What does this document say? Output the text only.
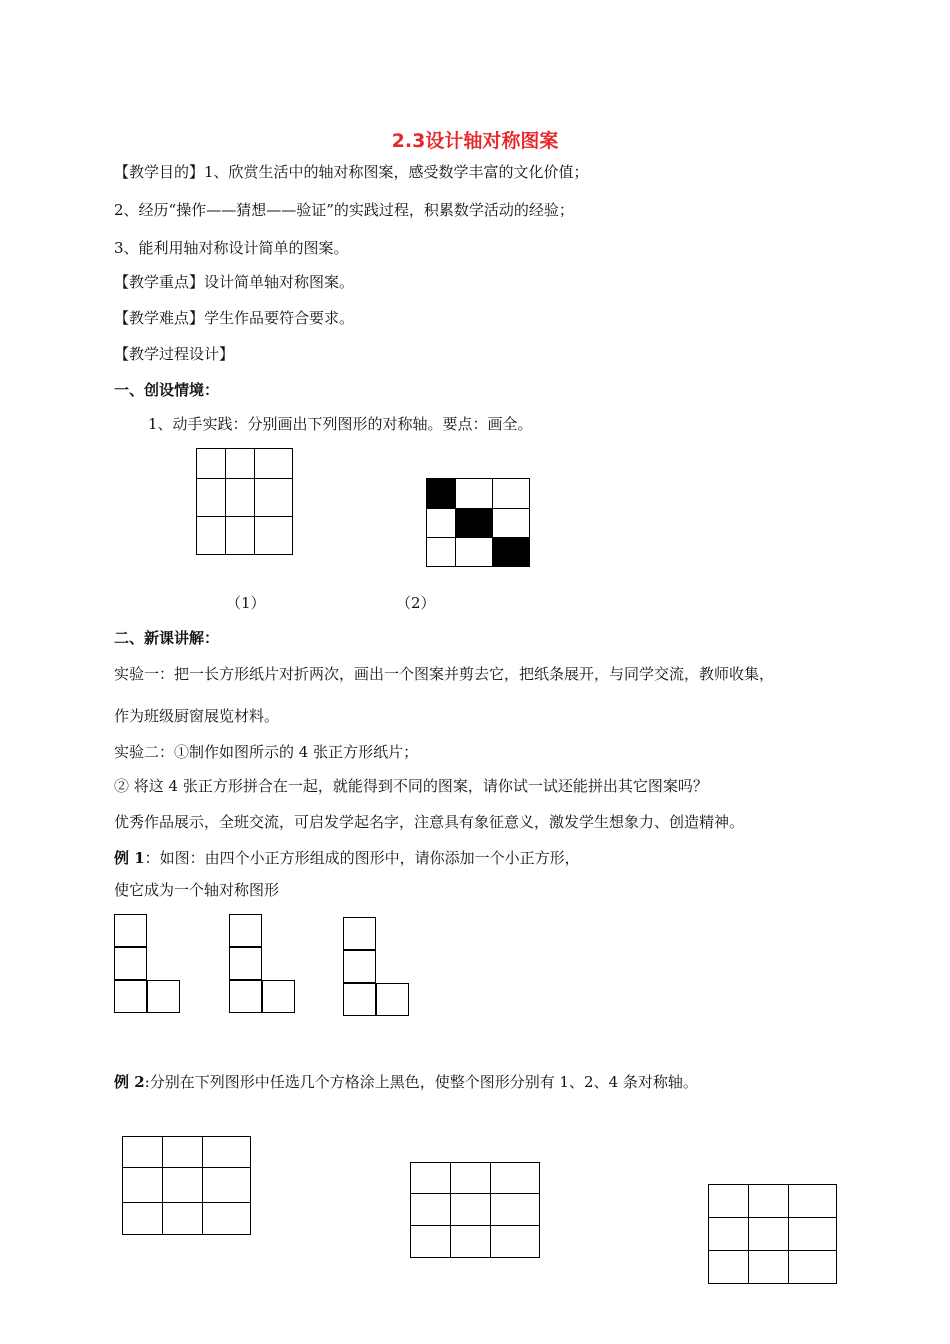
2.3设计轴对称图案
【教学目的】1、欣赏生活中的轴对称图案，感受数学丰富的文化价值；
2、经历“操作——猜想——验证”的实践过程，积累数学活动的经验；
3、能利用轴对称设计简单的图案。
【教学重点】设计简单轴对称图案。
【教学难点】学生作品要符合要求。
【教学过程设计】
一、创设情境：
1、动手实践：分别画出下列图形的对称轴。要点：画全。
（1）	（2）
二、新课讲解：
实验一：把一长方形纸片对折两次，画出一个图案并剪去它，把纸条展开，与同学交流，教师收集，
作为班级厨窗展览材料。
实验二：①制作如图所示的 4 张正方形纸片；
② 将这 4 张正方形拼合在一起，就能得到不同的图案，请你试一试还能拼出其它图案吗？
优秀作品展示，全班交流，可启发学起名字，注意具有象征意义，激发学生想象力、创造精神。
例 1：如图：由四个小正方形组成的图形中，请你添加一个小正方形，
使它成为一个轴对称图形
例 2:分别在下列图形中任选几个方格涂上黑色，使整个图形分别有 1、2、4 条对称轴。
